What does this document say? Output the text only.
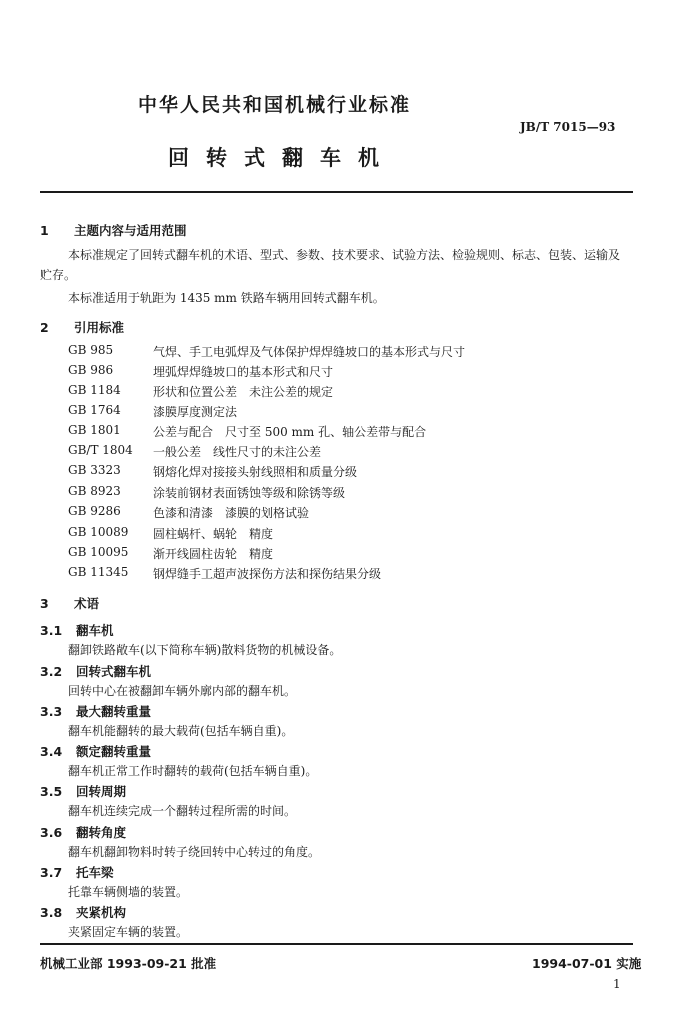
中华人民共和国机械行业标准
JB/T 7015—93
回转式翻车机
1 主题内容与适用范围
本标准规定了回转式翻车机的术语、型式、参数、技术要求、试验方法、检验规则、标志、包装、运输及
贮存。
本标准适用于轨距为 1435 mm 铁路车辆用回转式翻车机。
2 引用标准
GB 985	气焊、手工电弧焊及气体保护焊焊缝坡口的基本形式与尺寸
GB 986	埋弧焊焊缝坡口的基本形式和尺寸
GB 1184	形状和位置公差　未注公差的规定
GB 1764	漆膜厚度测定法
GB 1801	公差与配合　尺寸至 500 mm 孔、轴公差带与配合
GB/T 1804 一般公差　线性尺寸的未注公差
GB 3323	钢熔化焊对接接头射线照相和质量分级
GB 8923	涂装前钢材表面锈蚀等级和除锈等级
GB 9286	色漆和清漆　漆膜的划格试验
GB 10089 圆柱蜗杆、蜗轮　精度
GB 10095 渐开线圆柱齿轮　精度
GB 11345 钢焊缝手工超声波探伤方法和探伤结果分级
3 术语
3.1 翻车机
翻卸铁路敞车(以下简称车辆)散料货物的机械设备。
3.2 回转式翻车机
回转中心在被翻卸车辆外廓内部的翻车机。
3.3 最大翻转重量
翻车机能翻转的最大载荷(包括车辆自重)。
3.4 额定翻转重量
翻车机正常工作时翻转的载荷(包括车辆自重)。
3.5 回转周期
翻车机连续完成一个翻转过程所需的时间。
3.6 翻转角度
翻车机翻卸物料时转子绕回转中心转过的角度。
3.7 托车梁
托靠车辆侧墙的装置。
3.8 夹紧机构
夹紧固定车辆的装置。
机械工业部 1993-09-21 批准	1994-07-01 实施
1
